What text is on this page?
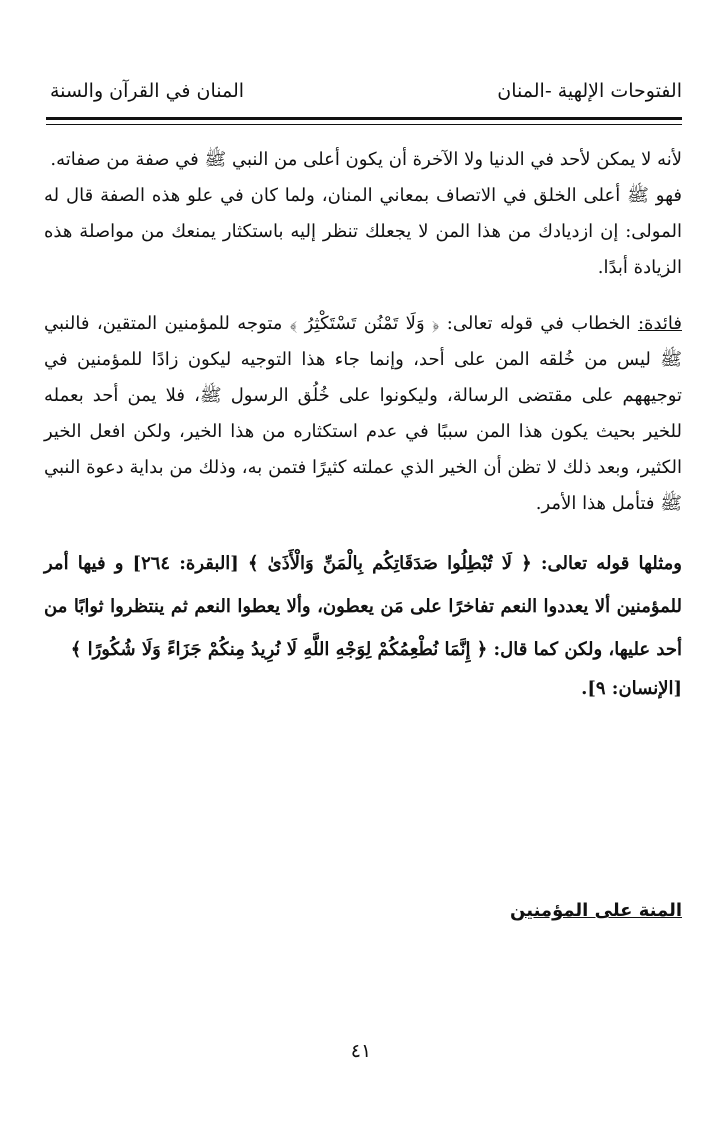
الفتوحات الإلهية -المنان
المنان في القرآن والسنة

لأنه لا يمكن لأحد في الدنيا ولا الآخرة أن يكون أعلى من النبي ﷺ في صفة من صفاته.

فهو ﷺ أعلى الخلق في الاتصاف بمعاني المنان، ولما كان في علو هذه الصفة قال له المولى: إن ازديادك من هذا المن لا يجعلك تنظر إليه باستكثار يمنعك من مواصلة هذه الزيادة أبدًا.

فائدة: الخطاب في قوله تعالى: ﴿ وَلَا تَمْنُن تَسْتَكْثِرُ ﴾ متوجه للمؤمنين المتقين، فالنبي ﷺ ليس من خُلقه المن على أحد، وإنما جاء هذا التوجيه ليكون زادًا للمؤمنين في توجيههم على مقتضى الرسالة، وليكونوا على خُلُق الرسول ﷺ، فلا يمن أحد بعمله للخير بحيث يكون هذا المن سببًا في عدم استكثاره من هذا الخير، ولكن افعل الخير الكثير، وبعد ذلك لا تظن أن الخير الذي عملته كثيرًا فتمن به، وذلك من بداية دعوة النبي ﷺ فتأمل هذا الأمر.

ومثلها قوله تعالى: ﴿ لَا تُبْطِلُوا صَدَقَاتِكُم بِالْمَنِّ وَالْأَذَىٰ ﴾ [البقرة: ٢٦٤] و فيها أمر للمؤمنين ألا يعددوا النعم تفاخرًا على مَن يعطون، وألا يعطوا النعم ثم ينتظروا ثوابًا من أحد عليها، ولكن كما قال: ﴿ إِنَّمَا نُطْعِمُكُمْ لِوَجْهِ اللَّهِ لَا نُرِيدُ مِنكُمْ جَزَاءً وَلَا شُكُورًا ﴾

[الإنسان: ٩].

المنة على المؤمنين
٤١
